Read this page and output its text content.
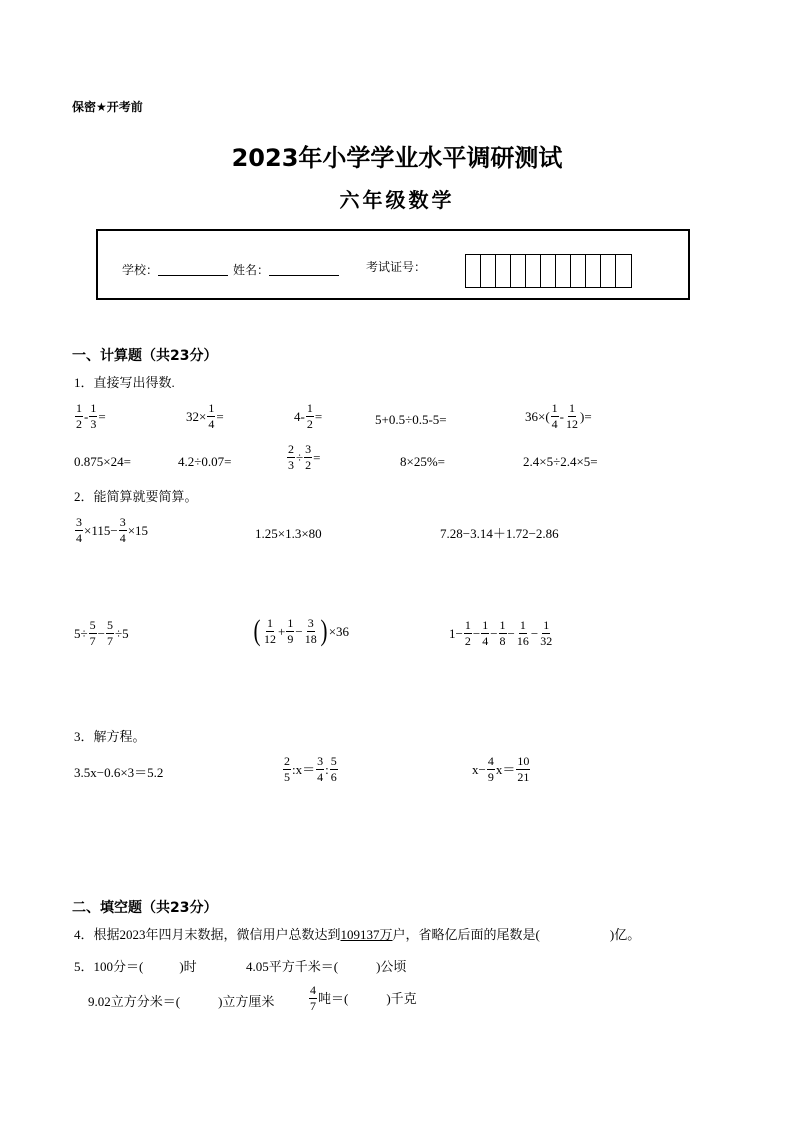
保密★开考前
2023年小学学业水平调研测试
六年级数学
学校：	姓名：	考试证号：
一、计算题（共23分）
1．直接写出得数.
$\frac{1}{2} - \frac{1}{3}$ =	$32\times \frac{1}{4}$ =	$4- \frac{1}{2}$ =	5+0.5÷0.5-5=	$36\times( \frac{1}{4} - \frac{1}{12}$ )=
0.875×24=	4.2÷0.07=	$\frac{2}{3} \div \frac{3}{2}$ =	8×25%=	2.4×5÷2.4×5=
2．能简算就要简算。
$\frac{3}{4} \times 115- \frac{3}{4} \times 15$	1.25×1.3×80	7.28−3.14＋1.72−2.86
$5\div \frac{5}{7} - \frac{5}{7} \div 5$	( $\frac{1}{12} + \frac{1}{9} - \frac{3}{18}$ ) ×36	$1- \frac{1}{2} - \frac{1}{4} - \frac{1}{8} - \frac{1}{16} - \frac{1}{32}$
3．解方程。
3.5x−0.6×3＝5.2	$\frac{2}{5}$ :x＝ $\frac{3}{4}$ : $\frac{5}{6}$	$x- \frac{4}{9} x= \frac{10}{21}$
二、填空题（共23分）
4．根据2023年四月末数据，微信用户总数达到109137万户，省略亿后面的尾数是(	)亿。
5．100分＝(	)时	4.05平方千米＝(	)公顷
9.02立方分米＝(	)立方厘米	$\frac{4}{7}$ 吨＝(	)千克
